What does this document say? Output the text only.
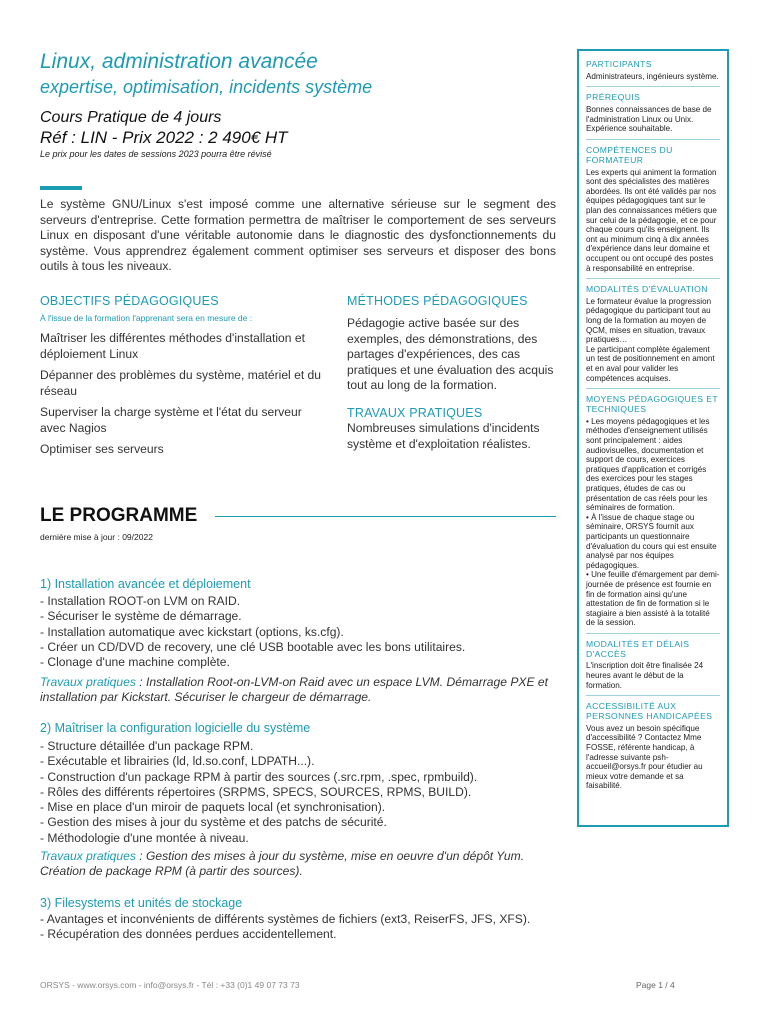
Linux, administration avancée
expertise, optimisation, incidents système
Cours Pratique de 4 jours
Réf : LIN - Prix 2022 : 2 490€ HT
Le prix pour les dates de sessions 2023 pourra être révisé

Le système GNU/Linux s'est imposé comme une alternative sérieuse sur le segment des serveurs d'entreprise. Cette formation permettra de maîtriser le comportement de ses serveurs Linux en disposant d'une véritable autonomie dans le diagnostic des dysfonctionnements du système. Vous apprendrez également comment optimiser ses serveurs et disposer des bons outils à tous les niveaux.

OBJECTIFS PÉDAGOGIQUES
À l'issue de la formation l'apprenant sera en mesure de :
Maîtriser les différentes méthodes d'installation et déploiement Linux
Dépanner des problèmes du système, matériel et du réseau
Superviser la charge système et l'état du serveur avec Nagios
Optimiser ses serveurs
MÉTHODES PÉDAGOGIQUES
Pédagogie active basée sur des exemples, des démonstrations, des partages d'expériences, des cas pratiques et une évaluation des acquis tout au long de la formation.
TRAVAUX PRATIQUES
Nombreuses simulations d'incidents système et d'exploitation réalistes.
LE PROGRAMME
dernière mise à jour : 09/2022
1) Installation avancée et déploiement
- Installation ROOT-on LVM on RAID.
- Sécuriser le système de démarrage.
- Installation automatique avec kickstart (options, ks.cfg).
- Créer un CD/DVD de recovery, une clé USB bootable avec les bons utilitaires.
- Clonage d'une machine complète.
Travaux pratiques : Installation Root-on-LVM-on Raid avec un espace LVM. Démarrage PXE et installation par Kickstart. Sécuriser le chargeur de démarrage.
2) Maîtriser la configuration logicielle du système
- Structure détaillée d'un package RPM.
- Exécutable et librairies (ld, ld.so.conf, LDPATH...).
- Construction d'un package RPM à partir des sources (.src.rpm, .spec, rpmbuild).
- Rôles des différents répertoires (SRPMS, SPECS, SOURCES, RPMS, BUILD).
- Mise en place d'un miroir de paquets local (et synchronisation).
- Gestion des mises à jour du système et des patchs de sécurité.
- Méthodologie d'une montée à niveau.
Travaux pratiques : Gestion des mises à jour du système, mise en oeuvre d'un dépôt Yum. Création de package RPM (à partir des sources).
3) Filesystems et unités de stockage
- Avantages et inconvénients de différents systèmes de fichiers (ext3, ReiserFS, JFS, XFS).
- Récupération des données perdues accidentellement.
ORSYS - www.orsys.com - info@orsys.fr - Tél : +33 (0)1 49 07 73 73	Page 1 / 4
PARTICIPANTS
Administrateurs, ingénieurs système.
PRÉREQUIS
Bonnes connaissances de base de l'administration Linux ou Unix. Expérience souhaitable.
COMPÉTENCES DU FORMATEUR
Les experts qui animent la formation sont des spécialistes des matières abordées. Ils ont été validés par nos équipes pédagogiques tant sur le plan des connaissances métiers que sur celui de la pédagogie, et ce pour chaque cours qu'ils enseignent. Ils ont au minimum cinq à dix années d'expérience dans leur domaine et occupent ou ont occupé des postes à responsabilité en entreprise.
MODALITÉS D'ÉVALUATION
Le formateur évalue la progression pédagogique du participant tout au long de la formation au moyen de QCM, mises en situation, travaux pratiques…
Le participant complète également un test de positionnement en amont et en aval pour valider les compétences acquises.
MOYENS PÉDAGOGIQUES ET TECHNIQUES
• Les moyens pédagogiques et les méthodes d'enseignement utilisés sont principalement : aides audiovisuelles, documentation et support de cours, exercices pratiques d'application et corrigés des exercices pour les stages pratiques, études de cas ou présentation de cas réels pour les séminaires de formation.
• À l'issue de chaque stage ou séminaire, ORSYS fournit aux participants un questionnaire d'évaluation du cours qui est ensuite analysé par nos équipes pédagogiques.
• Une feuille d'émargement par demi-journée de présence est fournie en fin de formation ainsi qu'une attestation de fin de formation si le stagiaire a bien assisté à la totalité de la session.
MODALITÉS ET DÉLAIS D'ACCÈS
L'inscription doit être finalisée 24 heures avant le début de la formation.
ACCESSIBILITÉ AUX PERSONNES HANDICAPÉES
Vous avez un besoin spécifique d'accessibilité ? Contactez Mme FOSSE, référente handicap, à l'adresse suivante psh-accueil@orsys.fr pour étudier au mieux votre demande et sa faisabilité.
